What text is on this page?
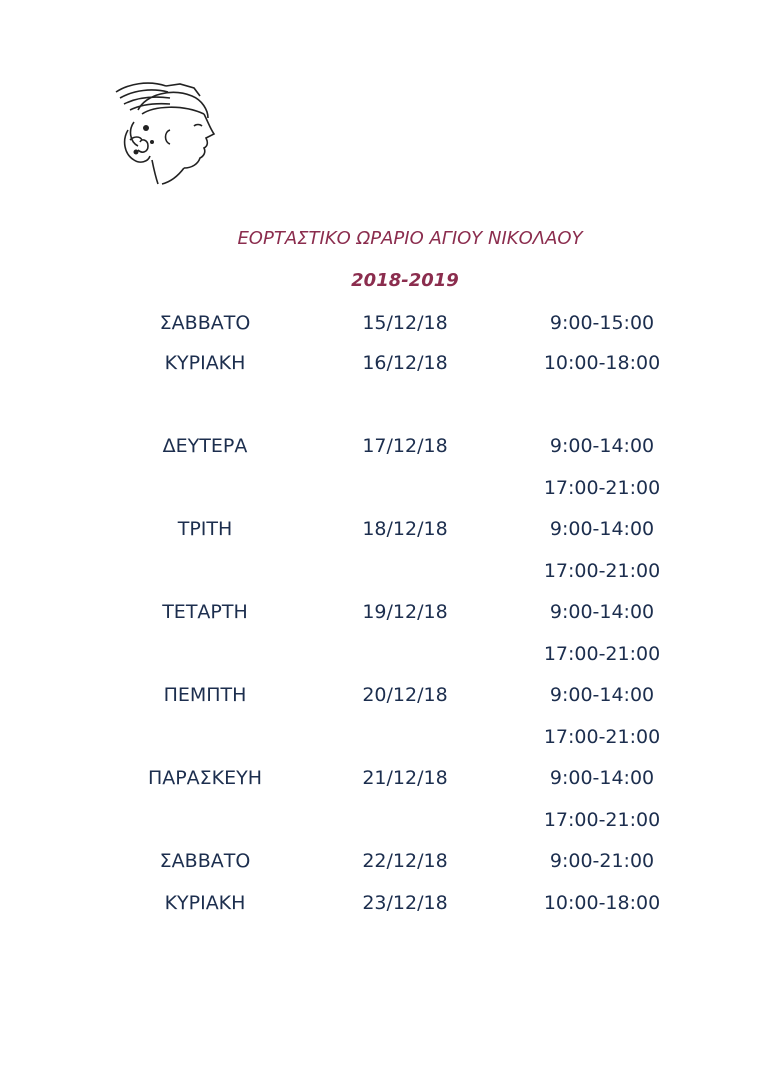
ΕΟΡΤΑΣΤΙΚΟ ΩΡΑΡΙΟ ΑΓΙΟΥ ΝΙΚΟΛΑΟΥ
2018-2019
ΣΑΒΒΑΤΟ	15/12/18	9:00-15:00
ΚΥΡΙΑΚΗ	16/12/18	10:00-18:00
ΔΕΥΤΕΡΑ	17/12/18	9:00-14:00
17:00-21:00
ΤΡΙΤΗ	18/12/18	9:00-14:00
17:00-21:00
ΤΕΤΑΡΤΗ	19/12/18	9:00-14:00
17:00-21:00
ΠΕΜΠΤΗ	20/12/18	9:00-14:00
17:00-21:00
ΠΑΡΑΣΚΕΥΗ	21/12/18	9:00-14:00
17:00-21:00
ΣΑΒΒΑΤΟ	22/12/18	9:00-21:00
ΚΥΡΙΑΚΗ	23/12/18	10:00-18:00
